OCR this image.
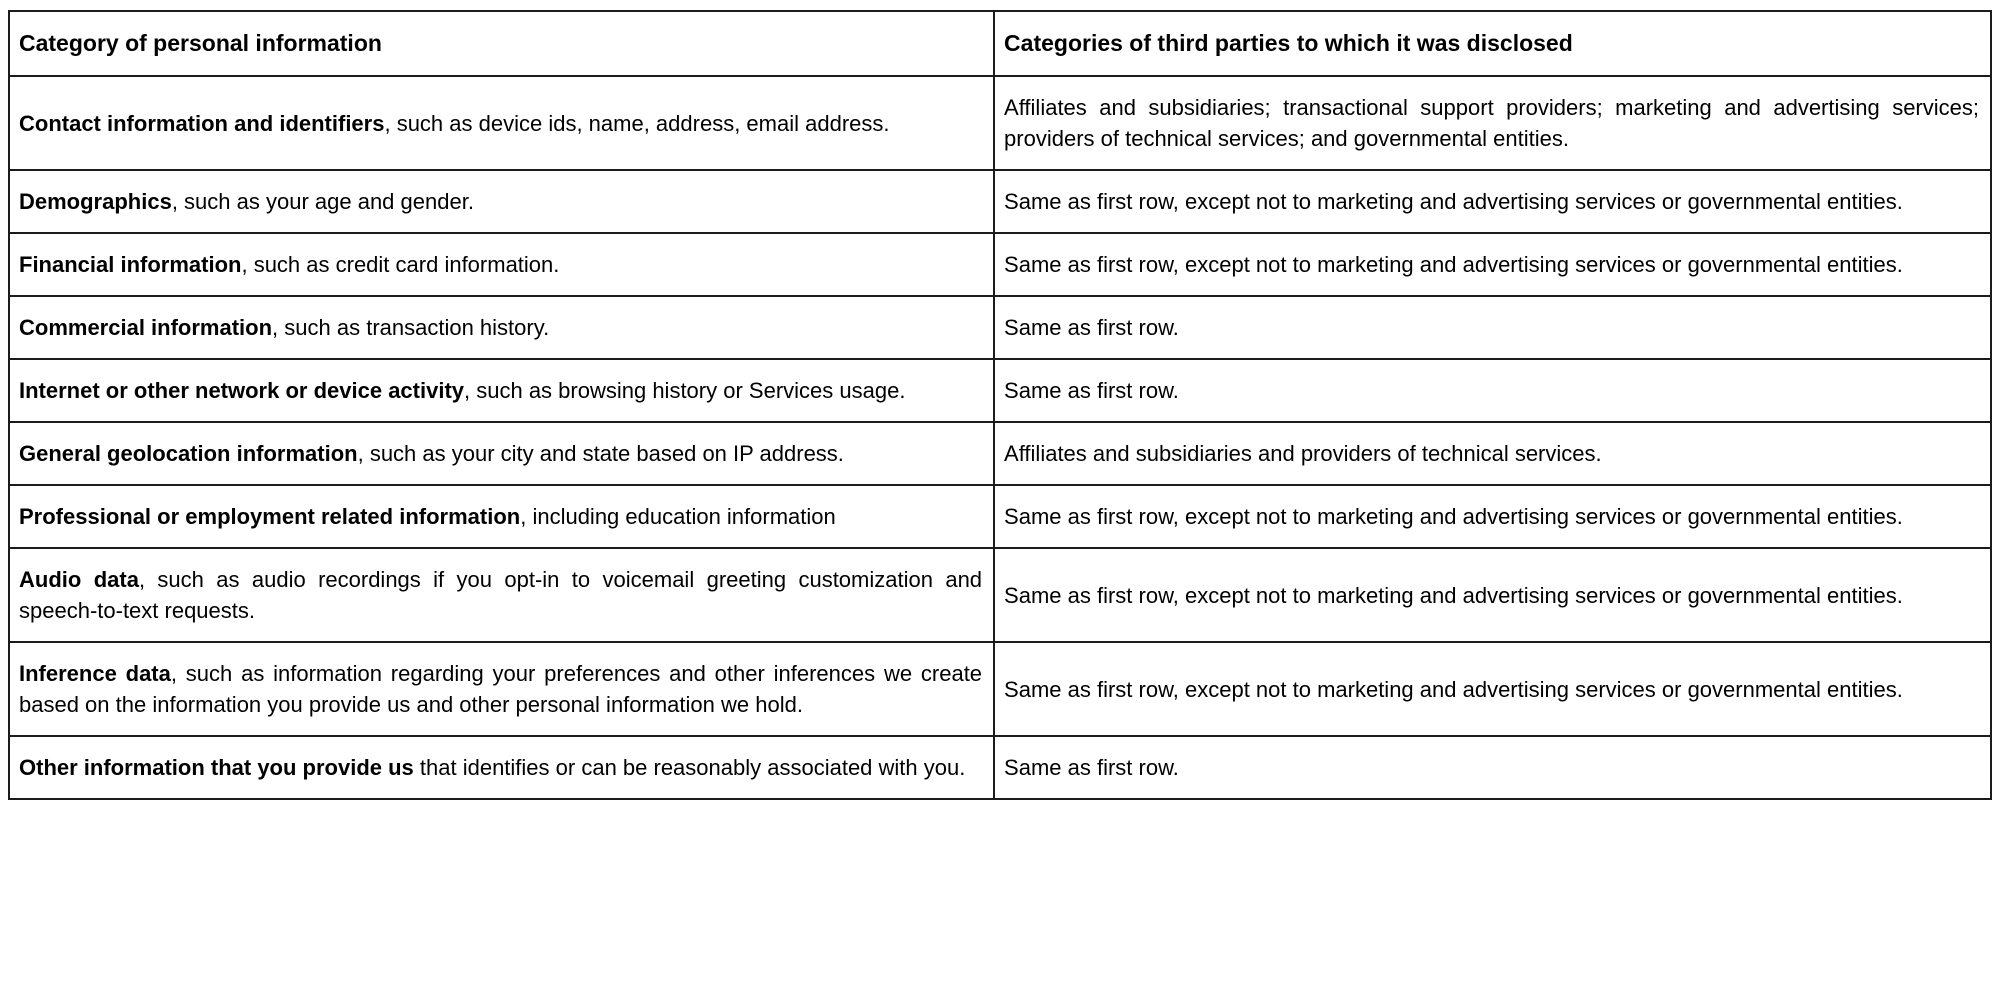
Category of personal information	Categories of third parties to which it was disclosed
Contact information and identifiers, such as device ids, name, address, email address.	Affiliates and subsidiaries; transactional support providers; marketing and advertising services; providers of technical services; and governmental entities.
Demographics, such as your age and gender.	Same as first row, except not to marketing and advertising services or governmental entities.
Financial information, such as credit card information.	Same as first row, except not to marketing and advertising services or governmental entities.
Commercial information, such as transaction history.	Same as first row.
Internet or other network or device activity, such as browsing history or Services usage.	Same as first row.
General geolocation information, such as your city and state based on IP address.	Affiliates and subsidiaries and providers of technical services.
Professional or employment related information, including education information	Same as first row, except not to marketing and advertising services or governmental entities.
Audio data, such as audio recordings if you opt-in to voicemail greeting customization and speech-to-text requests.	Same as first row, except not to marketing and advertising services or governmental entities.
Inference data, such as information regarding your preferences and other inferences we create based on the information you provide us and other personal information we hold.	Same as first row, except not to marketing and advertising services or governmental entities.
Other information that you provide us that identifies or can be reasonably associated with you.	Same as first row.
